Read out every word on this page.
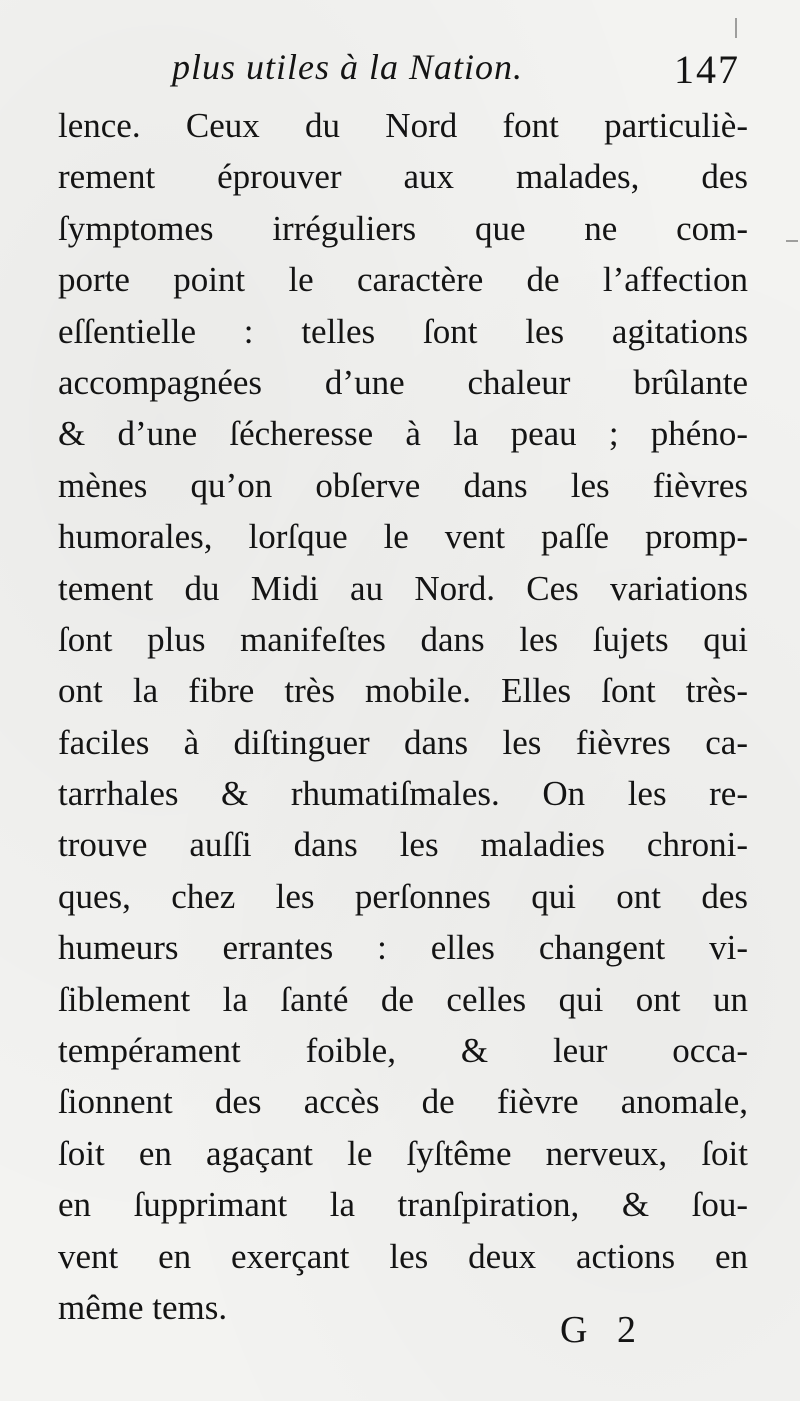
plus utiles à la Nation.	147
lence. Ceux du Nord font particuliè-
rement éprouver aux malades, des
ſymptomes irréguliers que ne com-
porte point le caractère de l’affection
eſſentielle : telles ſont les agitations
accompagnées d’une chaleur brûlante
& d’une ſécheresse à la peau ; phéno-
mènes qu’on obſerve dans les fièvres
humorales, lorſque le vent paſſe promp-
tement du Midi au Nord. Ces variations
ſont plus manifeſtes dans les ſujets qui
ont la fibre très mobile. Elles ſont très-
faciles à diſtinguer dans les fièvres ca-
tarrhales & rhumatiſmales. On les re-
trouve auſſi dans les maladies chroni-
ques, chez les perſonnes qui ont des
humeurs errantes : elles changent vi-
ſiblement la ſanté de celles qui ont un
tempérament foible, & leur occa-
ſionnent des accès de fièvre anomale,
ſoit en agaçant le ſyſtême nerveux, ſoit
en ſupprimant la tranſpiration, & ſou-
vent en exerçant les deux actions en
même tems.
G 2
